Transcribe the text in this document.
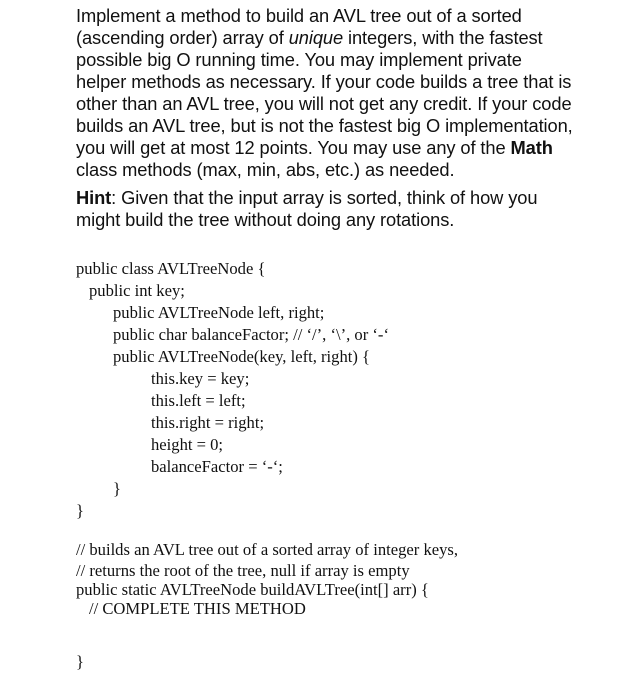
Implement a method to build an AVL tree out of a sorted (ascending order) array of unique integers, with the fastest possible big O running time. You may implement private helper methods as necessary. If your code builds a tree that is other than an AVL tree, you will not get any credit. If your code builds an AVL tree, but is not the fastest big O implementation, you will get at most 12 points. You may use any of the Math class methods (max, min, abs, etc.) as needed.

Hint: Given that the input array is sorted, think of how you might build the tree without doing any rotations.

public class AVLTreeNode {
public int key;
public AVLTreeNode left, right;
public char balanceFactor; // ‘/’, ‘\’, or ‘-‘
public AVLTreeNode(key, left, right) {
this.key = key;
this.left = left;
this.right = right;
height = 0;
balanceFactor = ‘-‘;
}
}
// builds an AVL tree out of a sorted array of integer keys,
// returns the root of the tree, null if array is empty
public static AVLTreeNode buildAVLTree(int[] arr) {
// COMPLETE THIS METHOD
}
